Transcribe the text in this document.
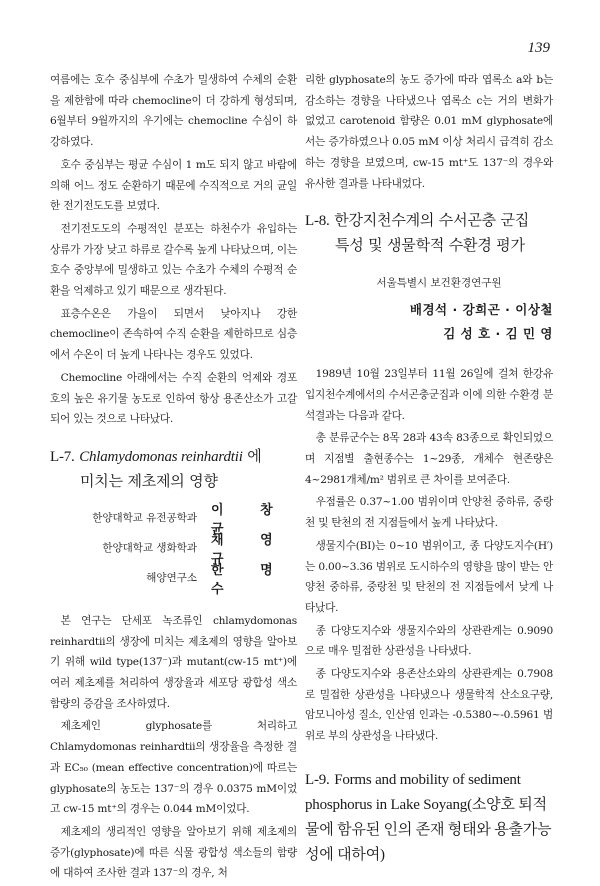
139

여름에는 호수 중심부에 수초가 밀생하여 수체의 순환을 제한함에 따라 chemocline이 더 강하게 형성되며, 6월부터 9월까지의 우기에는 chemocline 수심이 하강하였다.

호수 중심부는 평균 수심이 1 m도 되지 않고 바람에 의해 어느 정도 순환하기 때문에 수직적으로 거의 균일한 전기전도도를 보였다.

전기전도도의 수평적인 분포는 하천수가 유입하는 상류가 가장 낮고 하류로 갈수록 높게 나타났으며, 이는 호수 중앙부에 밀생하고 있는 수초가 수체의 수평적 순환을 억제하고 있기 때문으로 생각된다.

표층수온은 가을이 되면서 낮아지나 강한 chemocline이 존속하여 수직 순환을 제한하므로 심층에서 수온이 더 높게 나타나는 경우도 있었다.

Chemocline 아래에서는 수직 순환의 억제와 경포호의 높은 유기물 농도로 인하여 항상 용존산소가 고갈되어 있는 것으로 나타났다.

L-7. Chlamydomonas reinhardtii 에
미치는 제초제의 영향
한양대학교 유전공학과
이 창 균
한양대학교 생화학과
채 영 규
해양연구소
한 명 수

본 연구는 단세포 녹조류인 chlamydomonas reinhardtii의 생장에 미치는 제초제의 영향을 알아보기 위해 wild type(137⁻)과 mutant(cw-15 mt⁺)에 여러 제초제를 처리하여 생장율과 세포당 광합성 색소함량의 증감을 조사하였다.

제초제인 glyphosate를 처리하고 Chlamydomonas reinhardtii의 생장율을 측정한 결과 EC₅₀ (mean effective concentration)에 따르는 glyphosate의 농도는 137⁻의 경우 0.0375 mM이었고 cw-15 mt⁺의 경우는 0.044 mM이었다.

제초제의 생리적인 영향을 알아보기 위해 제초제의 증가(glyphosate)에 따른 식물 광합성 색소들의 함량에 대하여 조사한 결과 137⁻의 경우, 처

리한 glyphosate의 농도 증가에 따라 엽록소 a와 b는 감소하는 경향을 나타냈으나 엽록소 c는 거의 변화가 없었고 carotenoid 함량은 0.01 mM glyphosate에서는 증가하였으나 0.05 mM 이상 처리시 급격히 감소하는 경향을 보였으며, cw-15 mt⁺도 137⁻의 경우와 유사한 결과를 나타내었다.

L-8. 한강지천수계의 수서곤충 군집
특성 및 생물학적 수환경 평가
서울특별시 보건환경연구원
배경석 · 강희곤 · 이상철
김 성 호 · 김 민 영

1989년 10월 23일부터 11월 26일에 걸쳐 한강유입지천수계에서의 수서곤충군집과 이에 의한 수환경 분석결과는 다음과 같다.

총 분류군수는 8목 28과 43속 83종으로 확인되었으며 지점별 출현종수는 1~29종, 개체수 현존량은 4~2981개체/m² 범위로 큰 차이를 보여준다.

우점률은 0.37~1.00 범위이며 안양천 중하류, 중랑천 및 탄천의 전 지점들에서 높게 나타났다.

생물지수(BI)는 0~10 범위이고, 종 다양도지수(H′)는 0.00~3.36 범위로 도시하수의 영향을 많이 받는 안양천 중하류, 중랑천 및 탄천의 전 지점들에서 낮게 나타났다.

종 다양도지수와 생물지수와의 상관관계는 0.9090으로 매우 밀접한 상관성을 나타냈다.

종 다양도지수와 용존산소와의 상관관계는 0.7908로 밀접한 상관성을 나타냈으나 생물학적 산소요구량, 암모니아성 질소, 인산염 인과는 -0.5380~-0.5961 범위로 부의 상관성을 나타냈다.

L-9. Forms and mobility of sediment phosphorus in Lake Soyang(소양호 퇴적물에 함유된 인의 존재 형태와 용출가능성에 대하여)
